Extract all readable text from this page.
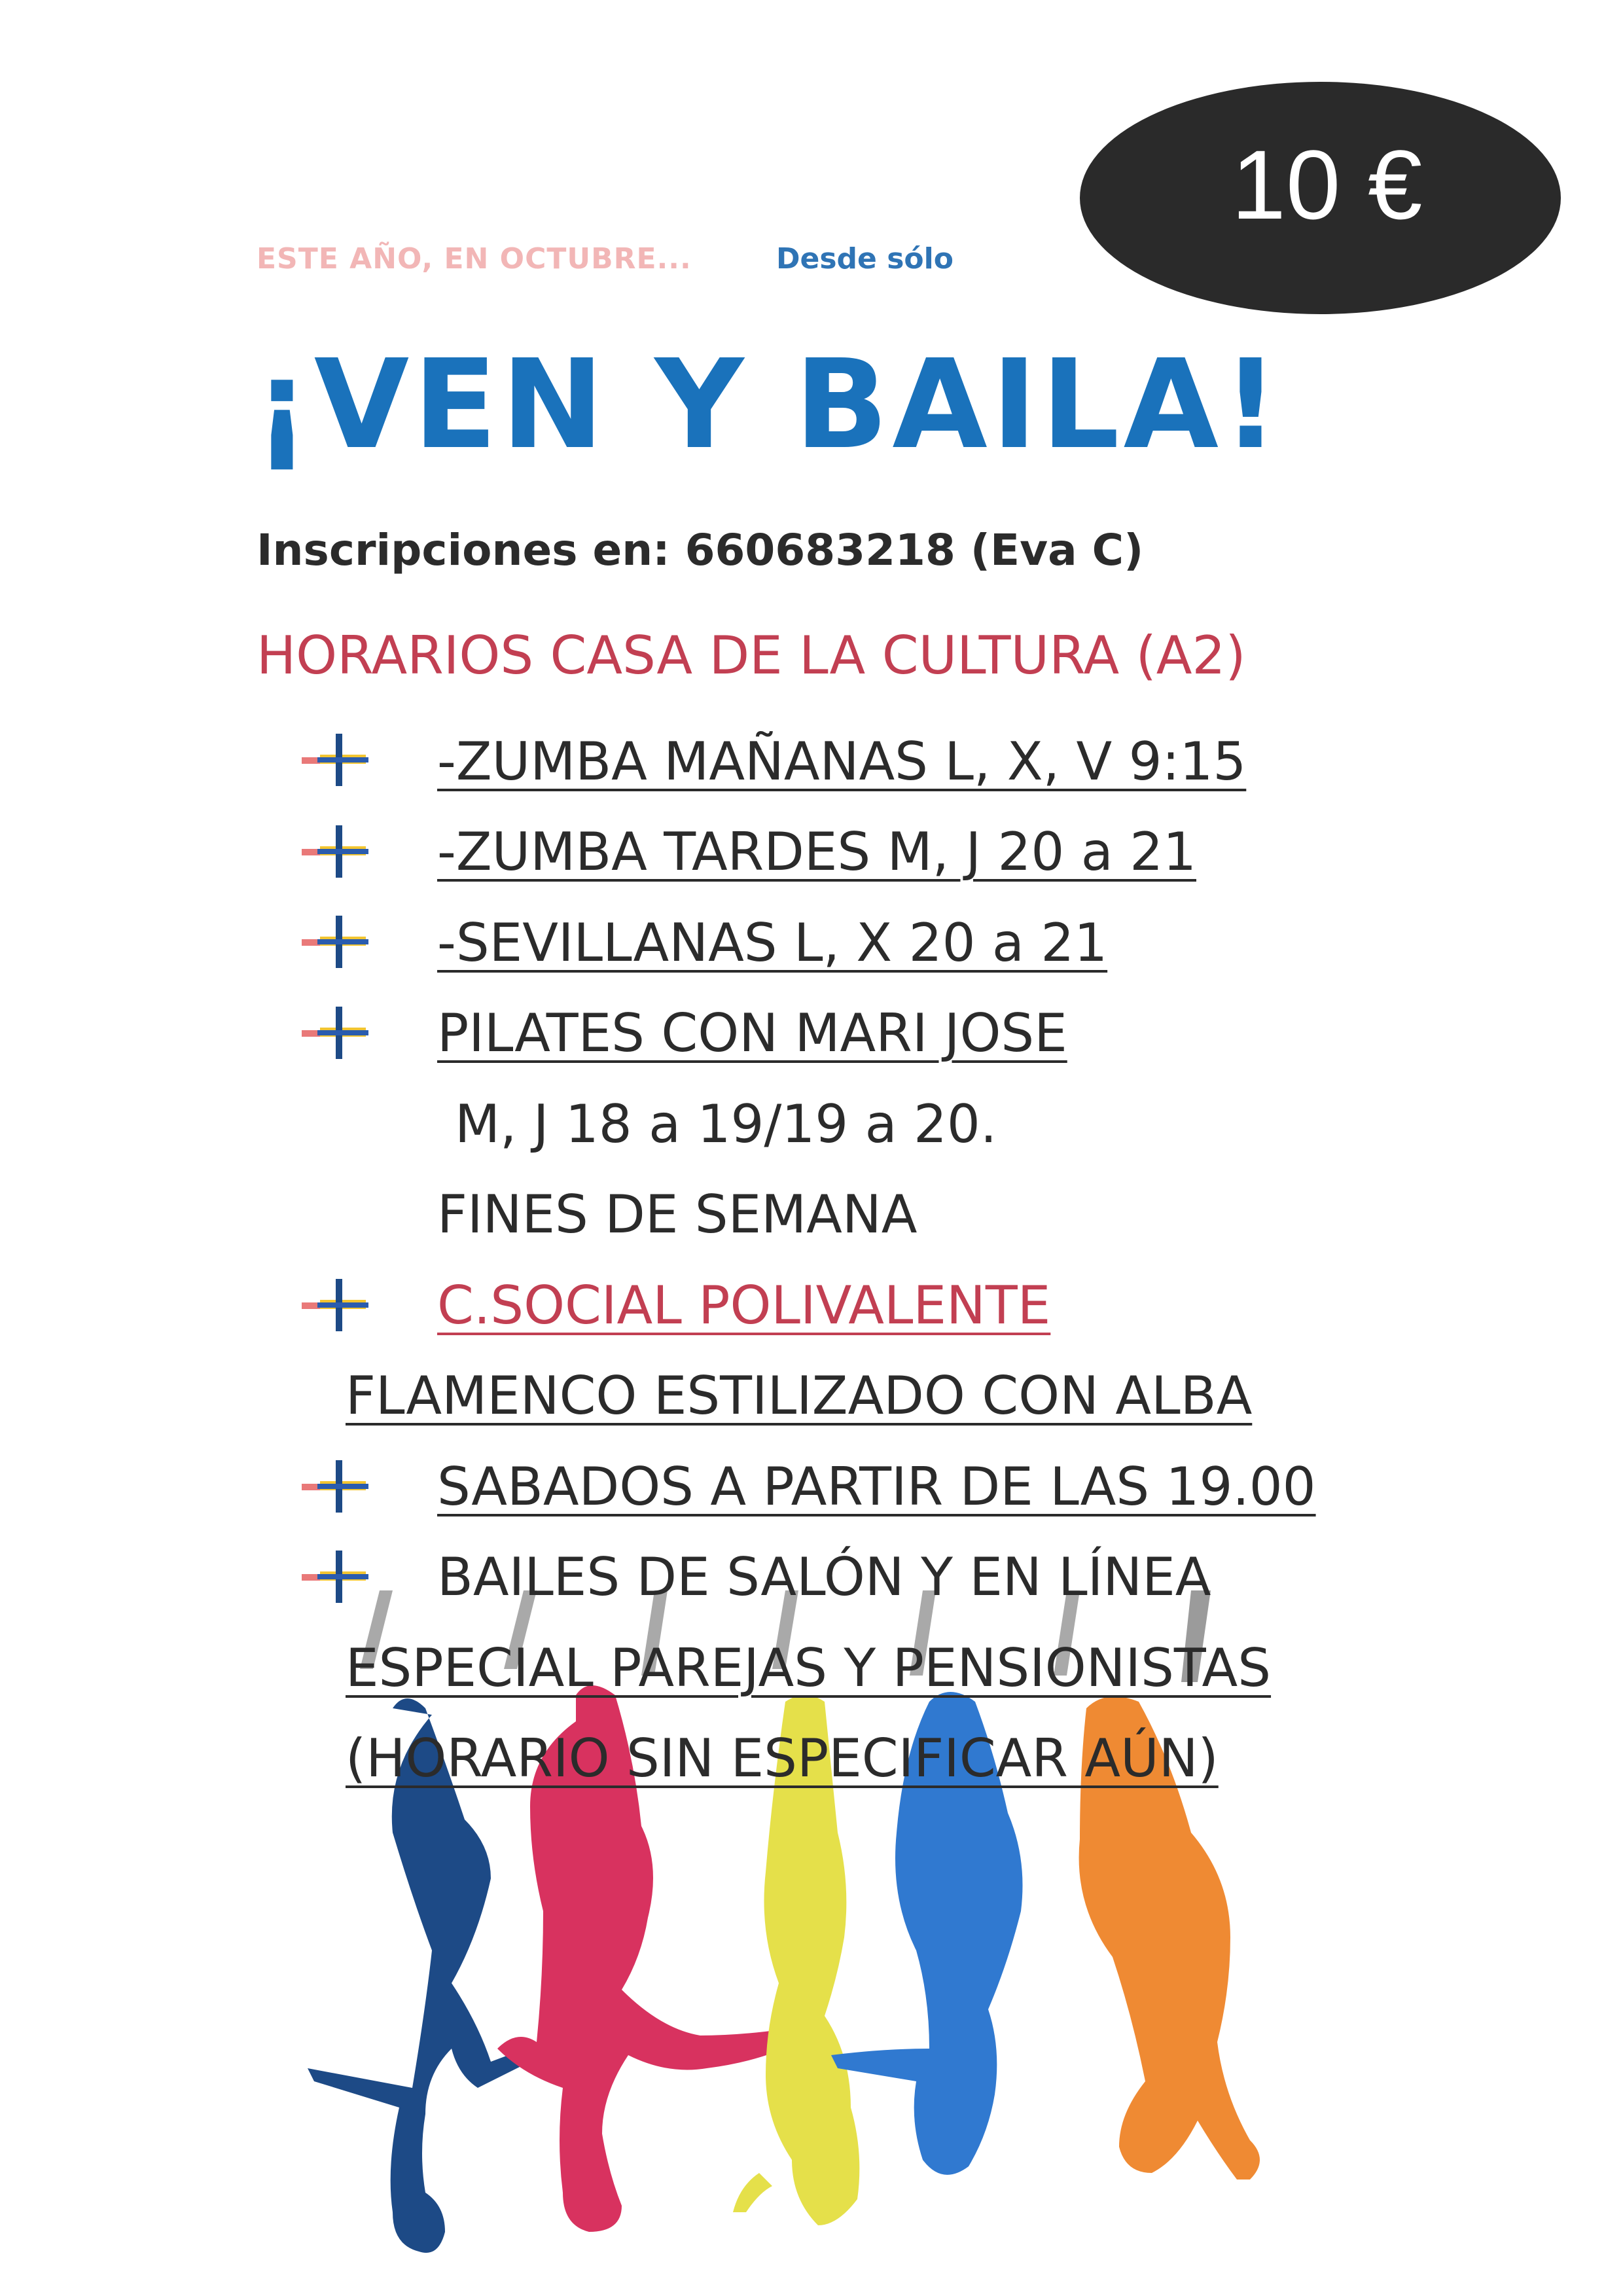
ESTE AÑO, EN OCTUBRE...	Desde sólo
10 €
¡VEN Y BAILA!
Inscripciones en: 660683218 (Eva C)
HORARIOS CASA DE LA CULTURA (A2)
-ZUMBA MAÑANAS L, X, V 9:15
-ZUMBA TARDES M, J 20 a 21
-SEVILLANAS L, X 20 a 21
PILATES CON MARI JOSE
M, J 18 a 19/19 a 20.
FINES DE SEMANA
C.SOCIAL POLIVALENTE
FLAMENCO ESTILIZADO CON ALBA
SABADOS A PARTIR DE LAS 19.00
BAILES DE SALÓN Y EN LÍNEA
ESPECIAL PAREJAS Y PENSIONISTAS
(HORARIO SIN ESPECIFICAR AÚN)
